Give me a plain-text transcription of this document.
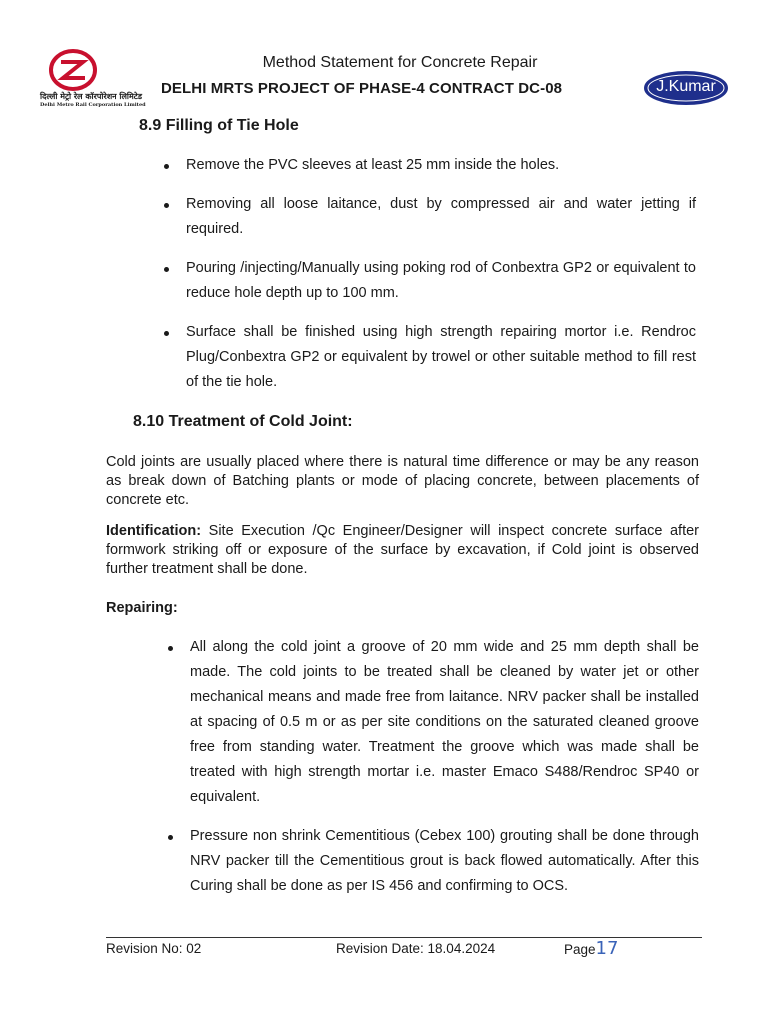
दिल्ली मेट्रो रेल कॉरपोरेशन लिमिटेड
Delhi Metro Rail Corporation Limited
Method Statement for Concrete Repair
DELHI MRTS PROJECT OF PHASE-4 CONTRACT DC-08	J.Kumar
8.9 Filling of Tie Hole
Remove the PVC sleeves at least 25 mm inside the holes.
Removing all loose laitance, dust by compressed air and water jetting if required.
Pouring /injecting/Manually using poking rod of Conbextra GP2 or equivalent to reduce hole depth up to 100 mm.
Surface shall be finished using high strength repairing mortor i.e. Rendroc Plug/Conbextra GP2 or equivalent by trowel or other suitable method to fill rest of the tie hole.
8.10 Treatment of Cold Joint:

Cold joints are usually placed where there is natural time difference or may be any reason as break down of Batching plants or mode of placing concrete, between placements of concrete etc.

Identification: Site Execution /Qc Engineer/Designer will inspect concrete surface after formwork striking off or exposure of the surface by excavation, if Cold joint is observed further treatment shall be done.

Repairing:

All along the cold joint a groove of 20 mm wide and 25 mm depth shall be made. The cold joints to be treated shall be cleaned by water jet or other mechanical means and made free from laitance. NRV packer shall be installed at spacing of 0.5 m or as per site conditions on the saturated cleaned groove free from standing water. Treatment the groove which was made shall be treated with high strength mortar i.e. master Emaco S488/Rendroc SP40 or equivalent.
Pressure non shrink Cementitious (Cebex 100) grouting shall be done through NRV packer till the Cementitious grout is back flowed automatically. After this Curing shall be done as per IS 456 and confirming to OCS.
Revision No: 02	Revision Date: 18.04.2024	Page17
